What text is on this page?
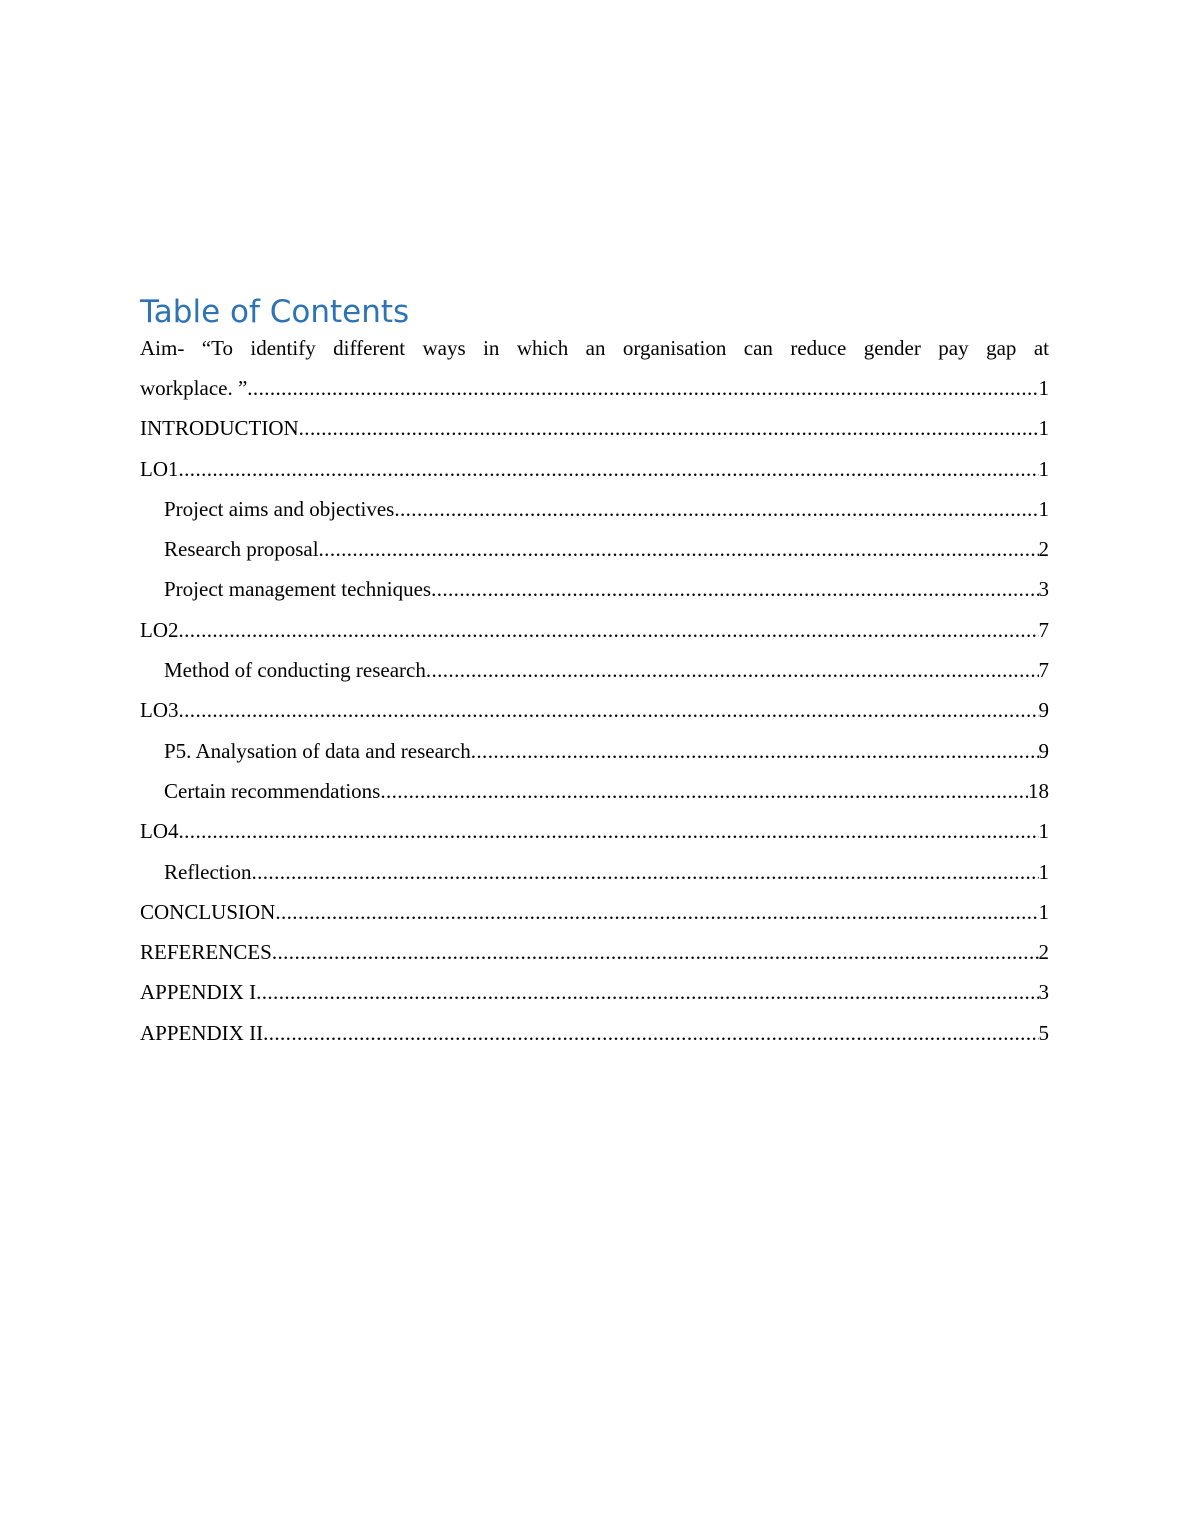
Table of Contents
Aim- “To identify different ways in which an organisation can reduce gender pay gap at
workplace. ” .....	1
INTRODUCTION .....	1
LO1 .....	1
Project aims and objectives .....	1
Research proposal .....	2
Project management techniques .....	3
LO2 .....	7
Method of conducting research .....	7
LO3 .....	9
P5. Analysation of data and research .....	9
Certain recommendations .....	18
LO4 .....	1
Reflection .....	1
CONCLUSION .....	1
REFERENCES .....	2
APPENDIX I .....	3
APPENDIX II .....	5
